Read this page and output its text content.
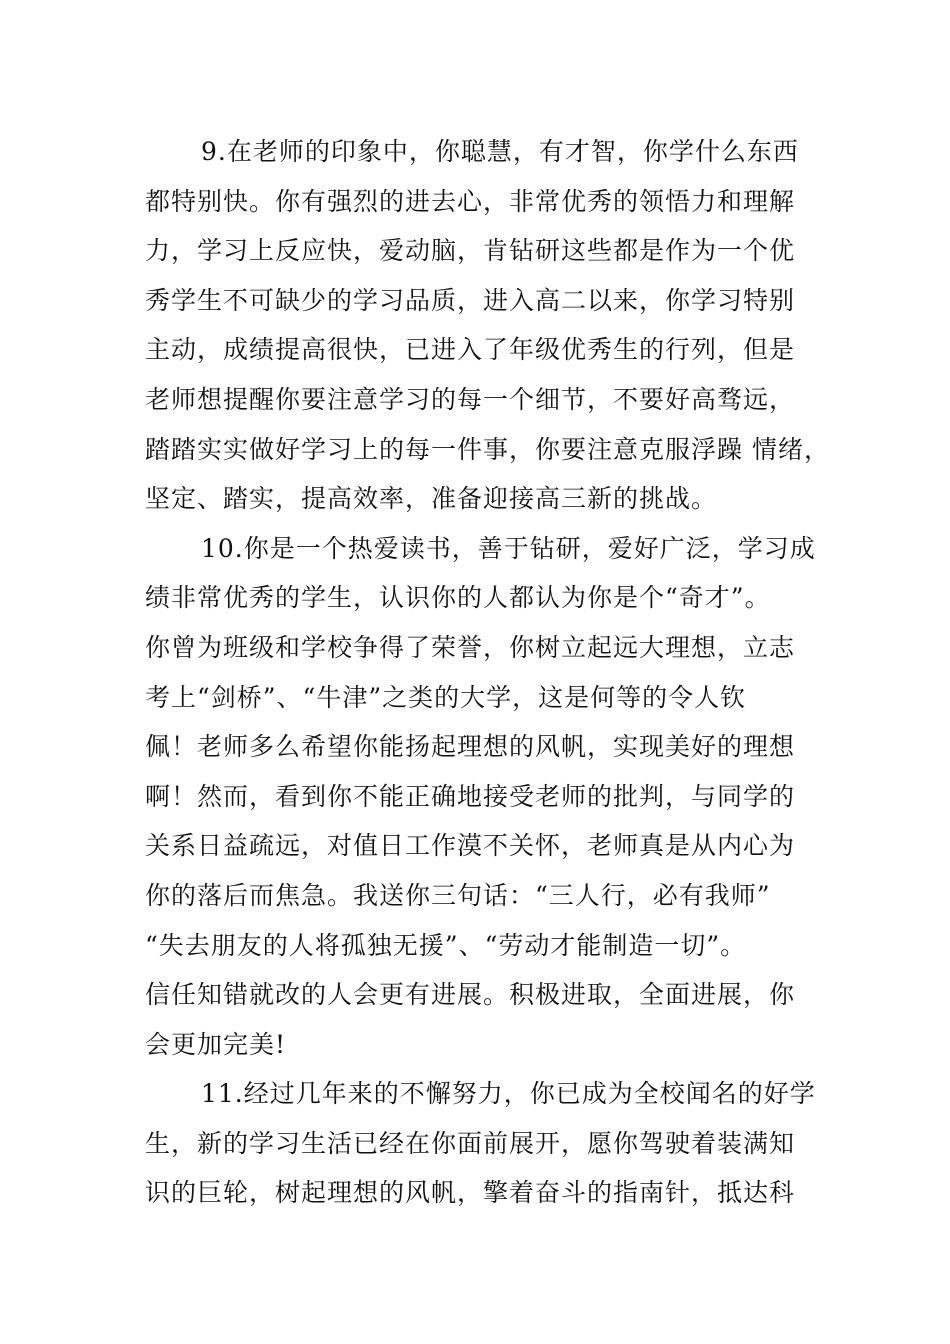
9.在老师的印象中，你聪慧，有才智，你学什么东西
都特别快。你有强烈的进去心，非常优秀的领悟力和理解
力，学习上反应快，爱动脑，肯钻研这些都是作为一个优
秀学生不可缺少的学习品质，进入高二以来，你学习特别
主动，成绩提高很快，已进入了年级优秀生的行列，但是
老师想提醒你要注意学习的每一个细节，不要好高骛远，
踏踏实实做好学习上的每一件事，你要注意克服浮躁 情绪，
坚定、踏实，提高效率，准备迎接高三新的挑战。
10.你是一个热爱读书，善于钻研，爱好广泛，学习成
绩非常优秀的学生，认识你的人都认为你是个“奇才”。
你曾为班级和学校争得了荣誉，你树立起远大理想，立志
考上“剑桥”、“牛津”之类的大学，这是何等的令人钦
佩！老师多么希望你能扬起理想的风帆，实现美好的理想
啊！然而，看到你不能正确地接受老师的批判，与同学的
关系日益疏远，对值日工作漠不关怀，老师真是从内心为
你的落后而焦急。我送你三句话：“三人行，必有我师”
“失去朋友的人将孤独无援”、“劳动才能制造一切”。
信任知错就改的人会更有进展。积极进取，全面进展，你
会更加完美!
11.经过几年来的不懈努力，你已成为全校闻名的好学
生，新的学习生活已经在你面前展开，愿你驾驶着装满知
识的巨轮，树起理想的风帆，擎着奋斗的指南针，抵达科
